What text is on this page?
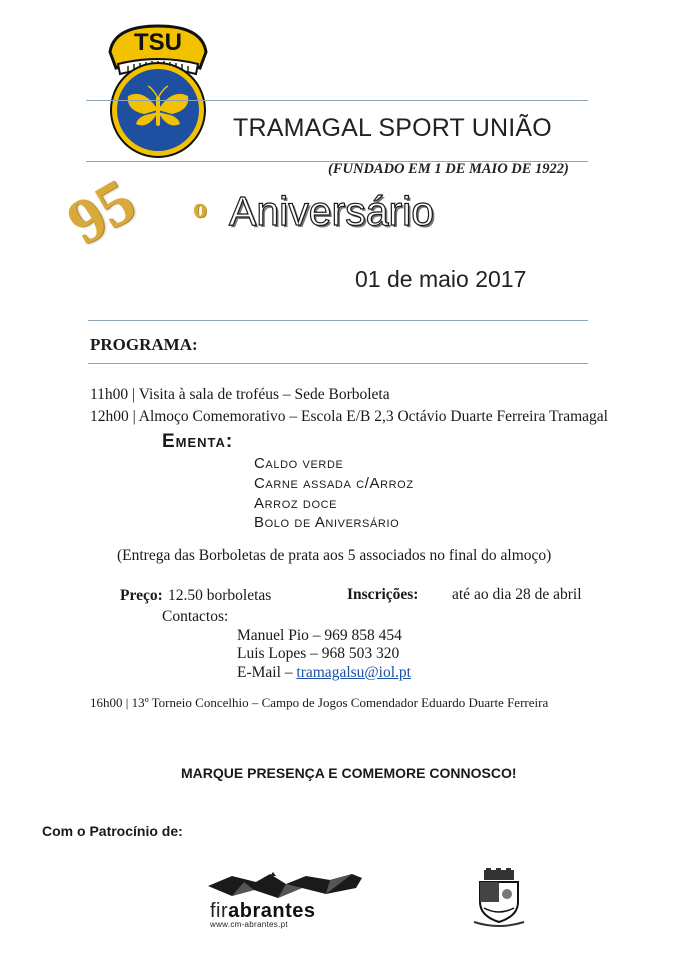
TSU
TRAMAGAL SPORT UNIÃO
(FUNDADO EM 1 DE MAIO DE 1922)
95 o Aniversário
01 de maio 2017
PROGRAMA:
11h00 | Visita à sala de troféus – Sede Borboleta
12h00 | Almoço Comemorativo – Escola E/B 2,3 Octávio Duarte Ferreira Tramagal
Ementa:
Caldo verde
Carne assada c/Arroz
Arroz doce
Bolo de Aniversário
(Entrega das Borboletas de prata aos 5 associados no final do almoço)
Preço: 12.50 borboletas	Inscrições: até ao dia 28 de abril
Contactos:
Manuel Pio – 969 858 454
Luis Lopes – 968 503 320
E-Mail – tramagalsu@iol.pt
16h00 | 13º Torneio Concelhio – Campo de Jogos Comendador Eduardo Duarte Ferreira
MARQUE PRESENÇA E COMEMORE CONNOSCO!
Com o Patrocínio de:
firabrantes
www.cm-abrantes.pt
